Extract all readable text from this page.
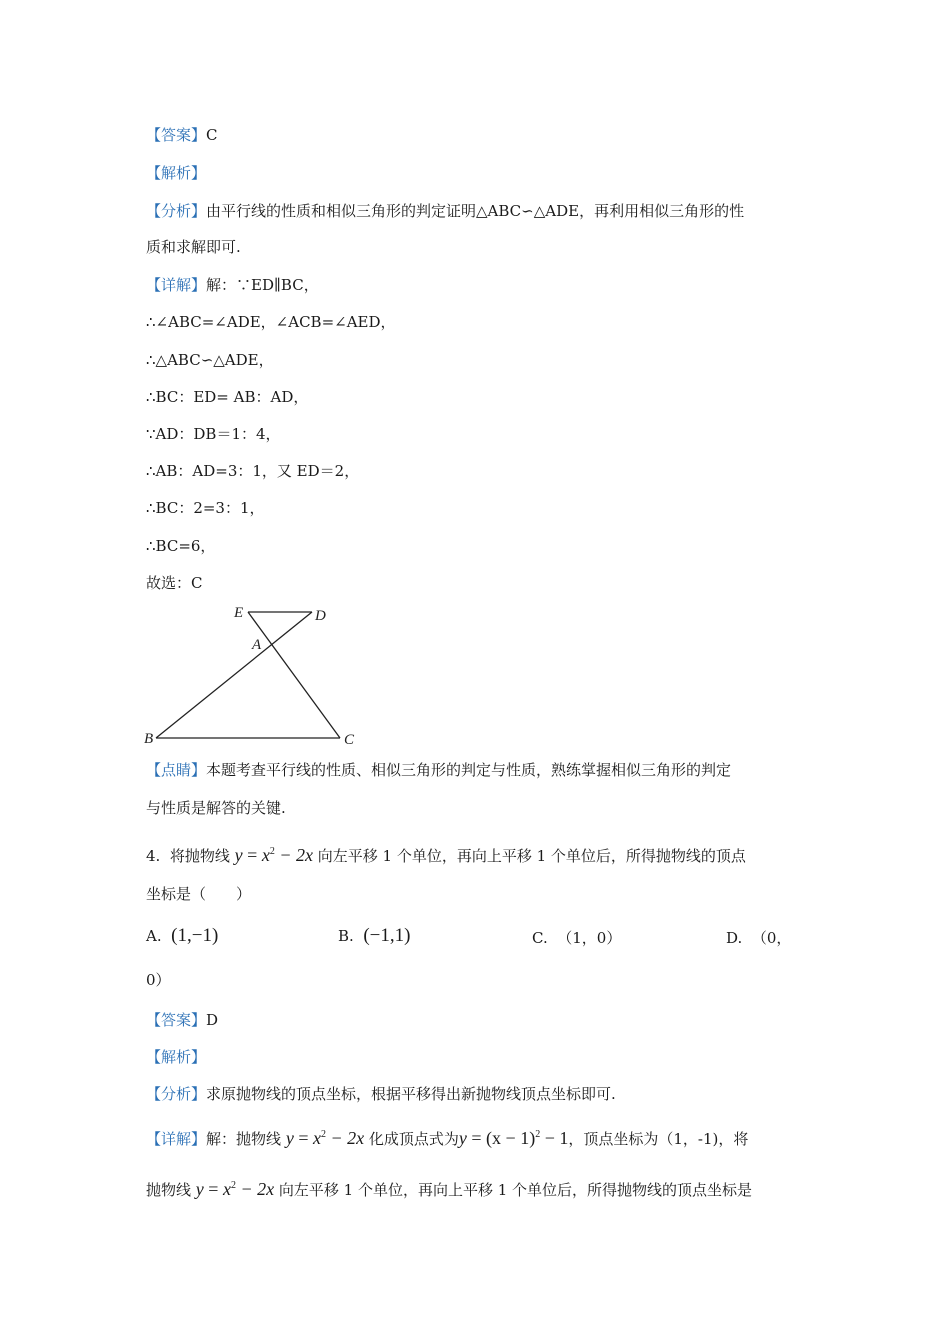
【答案】C
【解析】
【分析】由平行线的性质和相似三角形的判定证明△ABC∽△ADE，再利用相似三角形的性
质和求解即可.
【详解】解：∵ED∥BC，
∴∠ABC=∠ADE，∠ACB=∠AED，
∴△ABC∽△ADE，
∴BC：ED= AB：AD，
∵AD：DB＝1：4，
∴AB：AD=3：1，又 ED＝2，
∴BC：2=3：1，
∴BC=6，
故选：C
E	D
A
B	C
【点睛】本题考查平行线的性质、相似三角形的判定与性质，熟练掌握相似三角形的判定
与性质是解答的关键.
4. 将抛物线 $y = x^2 - 2x$ 向左平移 1 个单位，再向上平移 1 个单位后，所得抛物线的顶点
坐标是（　　）
A. (1,−1)	B. (−1,1)	C. （1，0）	D. （0，
0）
【答案】D
【解析】
【分析】求原抛物线的顶点坐标，根据平移得出新抛物线顶点坐标即可.
【详解】解：抛物线 $y = x^2 - 2x$ 化成顶点式为$y = (x - 1)^2 - 1$，顶点坐标为（1，-1)，将
抛物线 $y = x^2 - 2x$ 向左平移 1 个单位，再向上平移 1 个单位后，所得抛物线的顶点坐标是
